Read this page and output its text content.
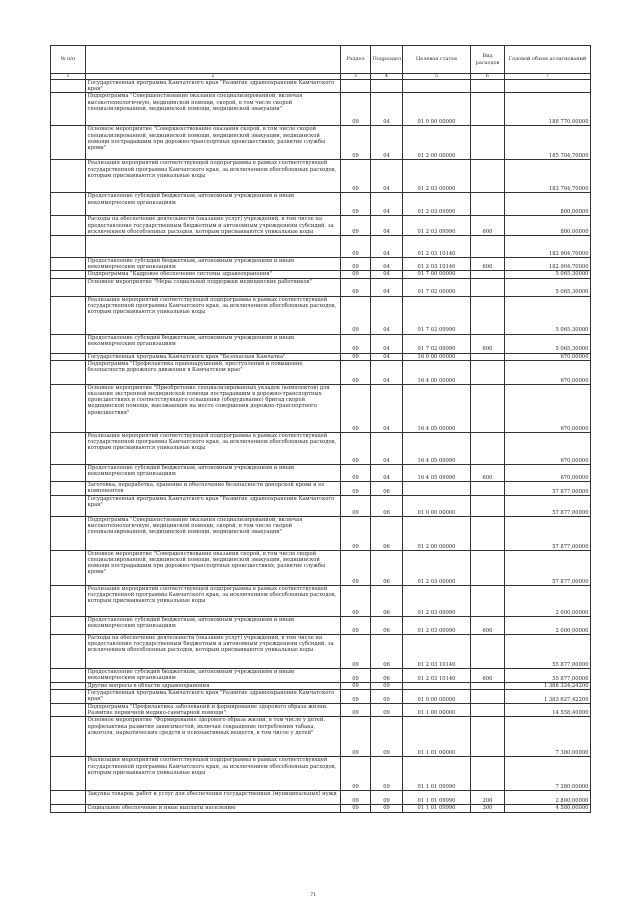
№ п/п		Раздел	Подраздел	Целевая статья	Вид расходов	Годовой объем ассигнований
1	2	3	4	5	6	7
	Государственная программа Камчатского края "Развитие здравоохранения Камчатского края"					
	Подпрограмма "Совершенствование оказания специализированной, включая высокотехнологичную, медицинской помощи, скорой, в том числе скорой специализированной, медицинской помощи, медицинской эвакуации"	09	04	01 0 00 00000		188 770,00000
	Основное мероприятие "Совершенствование оказания скорой, в том числе скорой специализированной, медицинской помощи, медицинской эвакуации, медицинской помощи пострадавшим при дорожно-транспортных происшествиях, развитие службы крови"	09	04	01 2 00 00000		185 704,70000
	Реализация мероприятий соответствующей подпрограммы в рамках соответствующей государственной программы Камчатского края, за исключением обособленных расходов, которым присваиваются уникальные коды	09	04	01 2 03 00000		183 704,70000
	Предоставление субсидий бюджетным, автономным учреждениям и иным некоммерческим организациям	09	04	01 2 03 09990		800,00000
	Расходы на обеспечение деятельности (оказание услуг) учреждений, в том числе на предоставление государственным бюджетным и автономным учреждениям субсидий, за исключением обособленных расходов, которым присваиваются уникальные коды	09	04	01 2 03 09990	600	800,00000
		09	04	01 2 03 10140		182 904,70000
	Предоставление субсидий бюджетным, автономным учреждениям и иным некоммерческим организациям	09	04	01 2 03 10140	600	182 904,70000
	Подпрограмма "Кадровое обеспечение системы здравоохранения"	09	04	01 7 00 00000		5 065,30000
	Основное мероприятие "Меры социальной поддержки медицинских работников"	09	04	01 7 02 00000		5 065,30000
	Реализация мероприятий соответствующей подпрограммы в рамках соответствующей государственной программы Камчатского края, за исключением обособленных расходов, которым присваиваются уникальные коды	09	04	01 7 02 09990		5 065,30000
	Предоставление субсидий бюджетным, автономным учреждениям и иным некоммерческим организациям	09	04	01 7 02 09990	600	5 065,30000
	Государственная программа Камчатского края "Безопасная Камчатка"	09	04	16 0 00 00000		670,00000
	Подпрограмма "Профилактика правонарушений, преступлений и повышение безопасности дорожного движения в Камчатском крае"	09	04	16 4 00 00000		670,00000
	Основное мероприятие "Приобретение специализированных укладок (комплектов) для оказания экстренной медицинской помощи пострадавшим в дорожно-транспортных происшествиях и соответствующего оснащения (оборудование) бригад скорой медицинской помощи, выезжающих на место совершения дорожно-транспортного происшествия"	09	04	16 4 05 00000		670,00000
	Реализация мероприятий соответствующей подпрограммы в рамках соответствующей государственной программы Камчатского края, за исключением обособленных расходов, которым присваиваются уникальные коды	09	04	16 4 05 09990		670,00000
	Предоставление субсидий бюджетным, автономным учреждениям и иным некоммерческим организациям	09	04	16 4 05 09990	600	670,00000
	Заготовка, переработка, хранение и обеспечение безопасности донорской крови и ее компонентов	09	06			57 877,00000
	Государственная программа Камчатского края "Развитие здравоохранения Камчатского края"	09	06	01 0 00 00000		57 877,00000
	Подпрограмма "Совершенствование оказания специализированной, включая высокотехнологичную, медицинской помощи, скорой, в том числе скорой специализированной, медицинской помощи, медицинской эвакуации"	09	06	01 2 00 00000		57 877,00000
	Основное мероприятие "Совершенствование оказания скорой, в том числе скорой специализированной, медицинской помощи, медицинской эвакуации, медицинской помощи пострадавшим при дорожно-транспортных происшествиях, развитие службы крови"	09	06	01 2 03 00000		57 877,00000
	Реализация мероприятий соответствующей подпрограммы в рамках соответствующей государственной программы Камчатского края, за исключением обособленных расходов, которым присваиваются уникальные коды	09	06	01 2 03 09990		2 000,00000
	Предоставление субсидий бюджетным, автономным учреждениям и иным некоммерческим организациям	09	06	01 2 03 09990	600	2 000,00000
	Расходы на обеспечение деятельности (оказание услуг) учреждений, в том числе на предоставление государственным бюджетным и автономным учреждениям субсидий, за исключением обособленных расходов, которым присваиваются уникальные коды	09	06	01 2 03 10140		55 877,00000
	Предоставление субсидий бюджетным, автономным учреждениям и иным некоммерческим организациям	09	06	01 2 03 10140	600	55 877,00000
	Другие вопросы в области здравоохранения	09	09			1 388 324,24200
	Государственная программа Камчатского края "Развитие здравоохранения Камчатского края"	09	09	01 0 00 00000		1 383 627,42200
	Подпрограмма "Профилактика заболеваний и формирование здорового образа жизни. Развитие первичной медико-санитарной помощи"	09	09	01 1 00 00000		14 558,40000
	Основное мероприятие "Формирование здорового образа жизни, в том числе у детей, профилактика развития зависимостей, включая сокращение потребления табака, алкоголя, наркотических средств и психоактивных веществ, в том числе у детей"	09	09	01 1 01 00000		7 380,00000
	Реализация мероприятий соответствующей подпрограммы в рамках соответствующей государственной программы Камчатского края, за исключением обособленных расходов, которым присваиваются уникальные коды	09	09	01 1 01 09990		7 380,00000
	Закупка товаров, работ и услуг для обеспечения государственных (муниципальных) нужд	09	09	01 1 01 09990	200	2 800,00000
	Социальное обеспечение и иные выплаты населению	09	09	01 1 01 09990	300	4 580,00000
71
